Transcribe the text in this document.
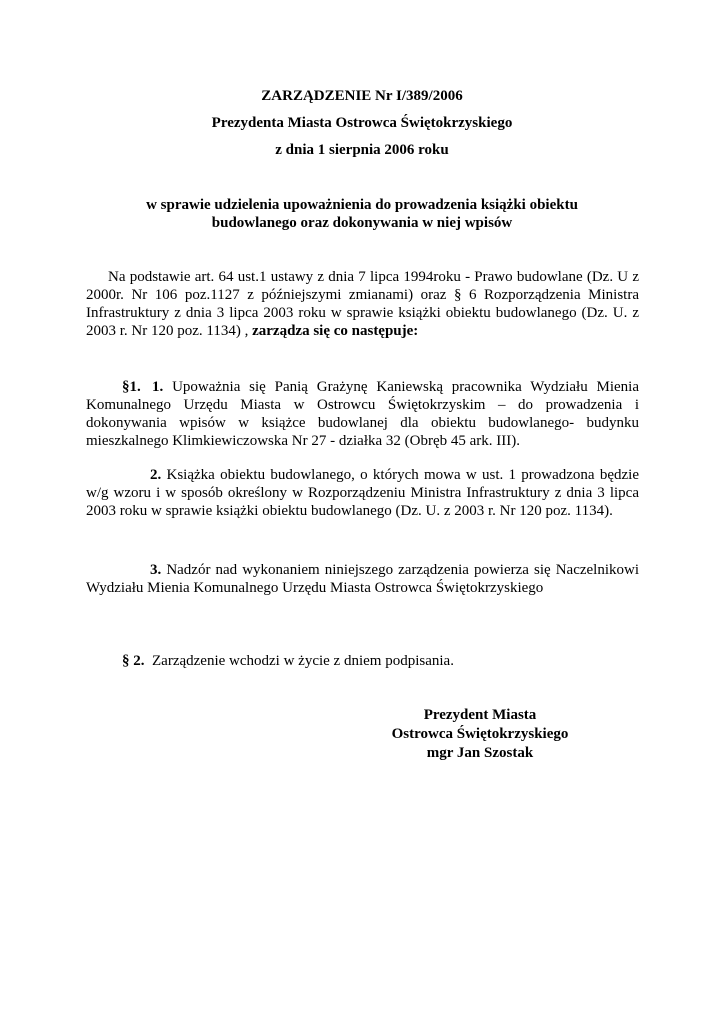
ZARZĄDZENIE Nr I/389/2006
Prezydenta Miasta Ostrowca Świętokrzyskiego
z dnia 1 sierpnia 2006 roku
w sprawie udzielenia upoważnienia do prowadzenia książki obiektu
budowlanego oraz dokonywania w niej wpisów

Na podstawie art. 64 ust.1 ustawy z dnia 7 lipca 1994roku - Prawo budowlane (Dz. U z 2000r. Nr 106 poz.1127 z późniejszymi zmianami) oraz § 6 Rozporządzenia Ministra Infrastruktury z dnia 3 lipca 2003 roku w sprawie książki obiektu budowlanego (Dz. U. z 2003 r. Nr 120 poz. 1134) , zarządza się co następuje:

§1. 1. Upoważnia się Panią Grażynę Kaniewską pracownika Wydziału Mienia Komunalnego Urzędu Miasta w Ostrowcu Świętokrzyskim – do prowadzenia i dokonywania wpisów w książce budowlanej dla obiektu budowlanego- budynku mieszkalnego Klimkiewiczowska Nr 27 - działka 32 (Obręb 45 ark. III).

2. Książka obiektu budowlanego, o których mowa w ust. 1 prowadzona będzie w/g wzoru i w sposób określony w Rozporządzeniu Ministra Infrastruktury z dnia 3 lipca 2003 roku w sprawie książki obiektu budowlanego (Dz. U. z 2003 r. Nr 120 poz. 1134).

3. Nadzór nad wykonaniem niniejszego zarządzenia powierza się Naczelnikowi Wydziału Mienia Komunalnego Urzędu Miasta Ostrowca Świętokrzyskiego

§ 2. Zarządzenie wchodzi w życie z dniem podpisania.

Prezydent Miasta
Ostrowca Świętokrzyskiego
mgr Jan Szostak
